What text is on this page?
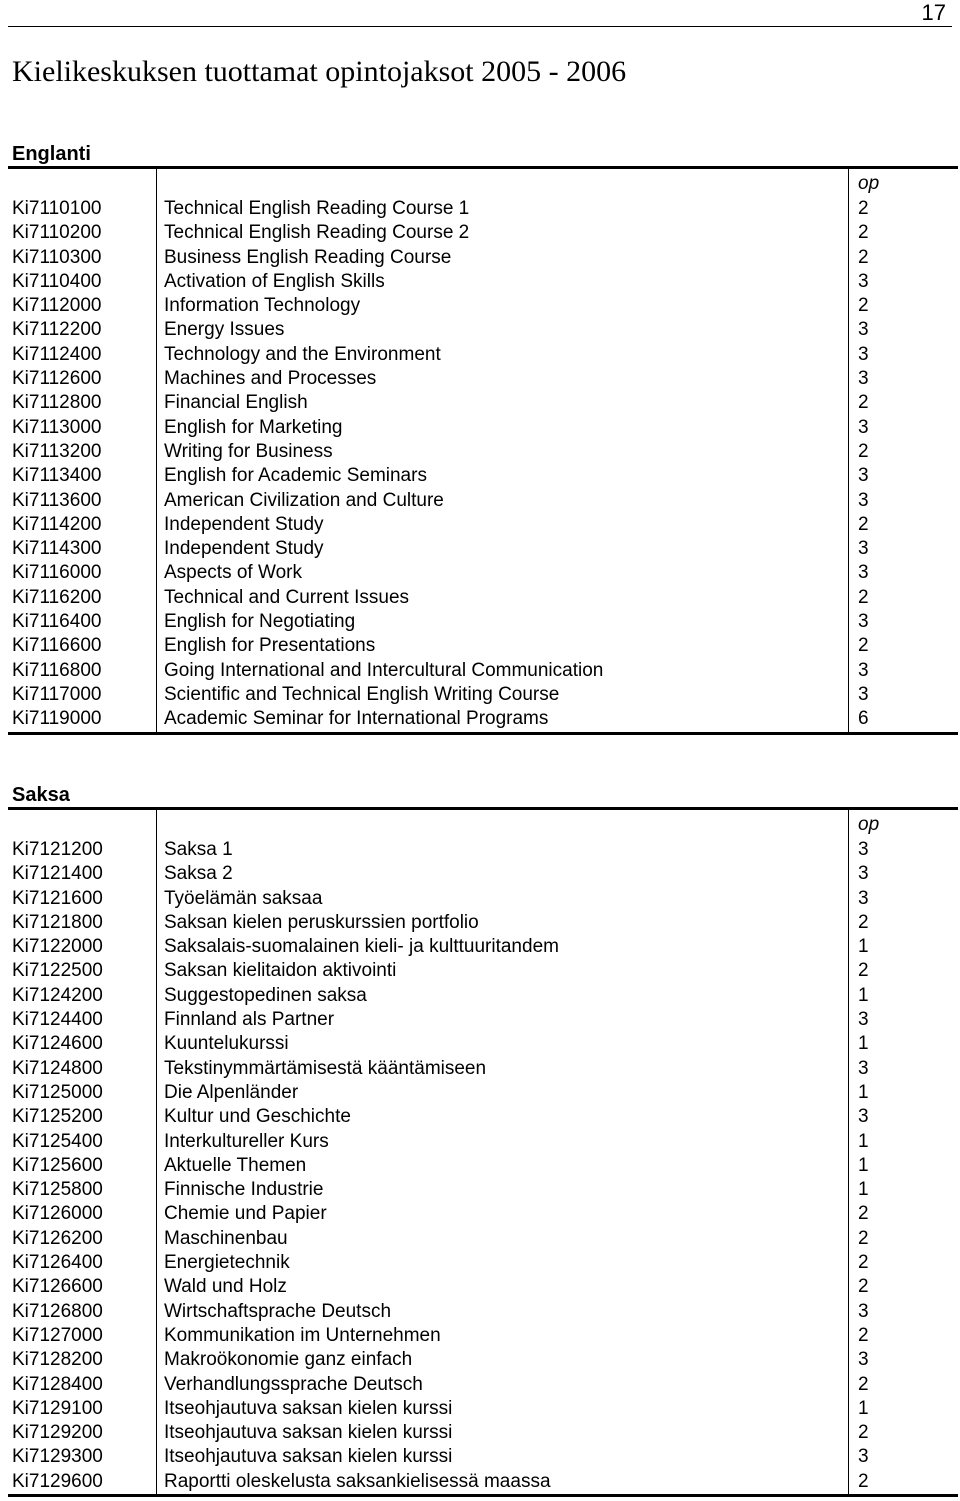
17
Kielikeskuksen tuottamat opintojaksot 2005 - 2006
Englanti
op
Ki7110100	Technical English Reading Course 1	2
Ki7110200	Technical English Reading Course 2	2
Ki7110300	Business English Reading Course	2
Ki7110400	Activation of English Skills	3
Ki7112000	Information Technology	2
Ki7112200	Energy Issues	3
Ki7112400	Technology and the Environment	3
Ki7112600	Machines and Processes	3
Ki7112800	Financial English	2
Ki7113000	English for Marketing	3
Ki7113200	Writing for Business	2
Ki7113400	English for Academic Seminars	3
Ki7113600	American Civilization and Culture	3
Ki7114200	Independent Study	2
Ki7114300	Independent Study	3
Ki7116000	Aspects of Work	3
Ki7116200	Technical and Current Issues	2
Ki7116400	English for Negotiating	3
Ki7116600	English for Presentations	2
Ki7116800	Going International and Intercultural Communication	3
Ki7117000	Scientific and Technical English Writing Course	3
Ki7119000	Academic Seminar for International Programs	6
Saksa
op
Ki7121200	Saksa 1	3
Ki7121400	Saksa 2	3
Ki7121600	Työelämän saksaa	3
Ki7121800	Saksan kielen peruskurssien portfolio	2
Ki7122000	Saksalais-suomalainen kieli- ja kulttuuritandem	1
Ki7122500	Saksan kielitaidon aktivointi	2
Ki7124200	Suggestopedinen saksa	1
Ki7124400	Finnland als Partner	3
Ki7124600	Kuuntelukurssi	1
Ki7124800	Tekstinymmärtämisestä kääntämiseen	3
Ki7125000	Die Alpenländer	1
Ki7125200	Kultur und Geschichte	3
Ki7125400	Interkultureller Kurs	1
Ki7125600	Aktuelle Themen	1
Ki7125800	Finnische Industrie	1
Ki7126000	Chemie und Papier	2
Ki7126200	Maschinenbau	2
Ki7126400	Energietechnik	2
Ki7126600	Wald und Holz	2
Ki7126800	Wirtschaftsprache Deutsch	3
Ki7127000	Kommunikation im Unternehmen	2
Ki7128200	Makroökonomie ganz einfach	3
Ki7128400	Verhandlungssprache Deutsch	2
Ki7129100	Itseohjautuva saksan kielen kurssi	1
Ki7129200	Itseohjautuva saksan kielen kurssi	2
Ki7129300	Itseohjautuva saksan kielen kurssi	3
Ki7129600	Raportti oleskelusta saksankielisessä maassa	2
